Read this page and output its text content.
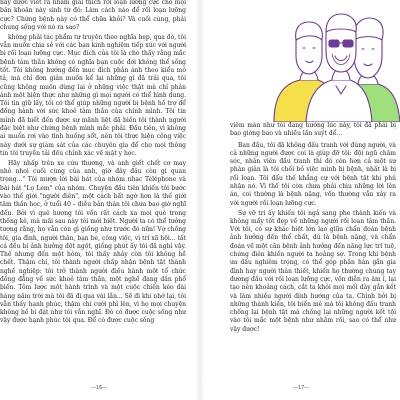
này được viết ra nhằm giải thích rối loạn lưỡng cực cho mọi băn khoăn này sinh từ đó: Làm cách nào để rối loạn lưỡng cực? Chứng bệnh này có thể chữa khỏi? Và cuối cùng, phải chung sống với nó ra sao?

không phải tác phẩm tự truyện theo nghĩa hẹp, qua đó, tôi vẫn muốn chia sẻ với các bạn kinh nghiệm tiếp xúc với người bị rối loạn lưỡng cực. Mục đích của tôi là cho thấy rằng mắc bệnh tâm thần không có nghĩa bạn cuộc đời không thể sống tốt. Tôi không hướng đến mục đích phản ánh theo kiểu mô tả, mà chỉ đơn giản muốn kể lại những gì đã trải qua, tôi cũng không muốn dừng lại ở những việc thật mà chỉ phản ánh một hiện thực như những gì mọi người có thể hình dung. Tôi tin giữ lấy, tôi có thể giúp những người bị bệnh hồ trợ để đồng hành với sức khoẻ tâm thần của chính mình. Tôi tin mình đã biết đến được sự mãnh liệt đã biến tôi thành người đặc biệt như chứng bệnh mình mắc phải. Đầu tiên, vì không ai muốn rơi vào tình huống sốt, nên tôi thực hiện công việc này dưới sự giám sát của các chuyên gia để cho mọi thông tin tôi truyền tải đều chính xác về mặt y học.

Hãy nhấp trên xe cứu thương, và anh giết chết cơ may nhỏ nhoi cuối cùng của anh, giờ đây đâu còn gì quan trọng..." Tôi mượn lời bài hát của nhóm nhạc Téléphone và bài hát "Lọ Lem" của nhóm. Chuyện đầu tiên khiến tôi bước vào thế giới "người điên", một cách bất ngờ hơn là thế giới tâm thần học, ở tuổi 40 – điều bản thân tôi chưa bao giờ nghĩ đến. Bởi vì quê hương tôi vốn rất cách xa mọi quê trong thống kê, mà mãi sau này tôi mới biết. Người ta có thể tưởng tượng rằng, họ vẫn còn gì giống như trước đó nữa! Vợ chồng tôi, gia đình, người thân, bạn bè, công việc, vị trí xã hội... tất cả đều bị ảnh hưởng đột ngột, giống phút ấy tôi đã nghỉ vậy. Thế nhưng đến một hôm, tôi thấy nhảy còn tôi không hề chết. Thậm chí, tôi thành người chấp nhận bệnh tật thành nghề nghiệp: tôi trở thành người điều hành một tổ chức đồng đẳng về sức khoẻ tâm thần, một nghề đang dần phổ biến. Tôm lược một hành trình và một cuộc chiến kéo dài hàng năm trời mà tôi đã đi qua vài lần... Sẽ đi khi nhớ lại, tôi vẫn thấy hạnh phúc, thậm chí cười phì lên, vì họ mọi chuyện không hề bi đát như tôi vẫn nghĩ. Đó có được cuộc sống như vậy được hạnh phúc tôi qua. Để có được cuộc sống

—16—

viêm màn như tôi đang hướng lúc này, tôi đã phải bị bao giờng bao và nhiều lần suýt để...

Ban đầu, tôi đã không đấu tranh với đúng người, và cả những người được coi là giúp đỡ tôi: đội ngũ chăm sóc, nhân viên đầu tranh thì đó còn hơn cả một sự phân giản là tôi chối bỏ việc mình bị bệnh, nhất là bị rối loạn. Tôi đấu thế khẳng cự với bệnh tật khi phủ nhận nó. Vì thế tôi còn chưa phải chịu những lời lên án, coi thường là bệnh nặng, vốn thường vẫn xảy ra với người rối loạn lưỡng cực.

Sự vỡ trí ấy khiến tôi ngả sang phe thành kiến và không mấy tốt đẹp về những người rối loạn tâm thần. Với tôi, có sự khác biệt lớn lao giữa chẩn đoán bệnh ảnh hưởng đến thể chất, dù là bệnh nặng, và chẩn đoán về một căn bệnh ảnh hưởng đến năng lực trí tuệ, chứng điên khiến người ta hoảng sợ. Trong khi bệnh ưa dấu nghiêm trọng, có thể góp phần hàn gắn gia đình hay người thân thiết, khiến họ thường chung tay đương đầu với rối loạn lưỡng cực, vốn diễn ra âm ỉ, lại tạo nên khoảng cách, cắt ta khỏi mọi mối dây gắn kết và làm nhiều người dính hướng của ta. Chính bởi bị những thành kiến, tôi biến mê mà tôi không đấu tranh chống lại bệnh tật mà chống lại những người kết tội vào tôi mắc một bệnh như nhằm rối, sao có thể như vậy được!

—17—
